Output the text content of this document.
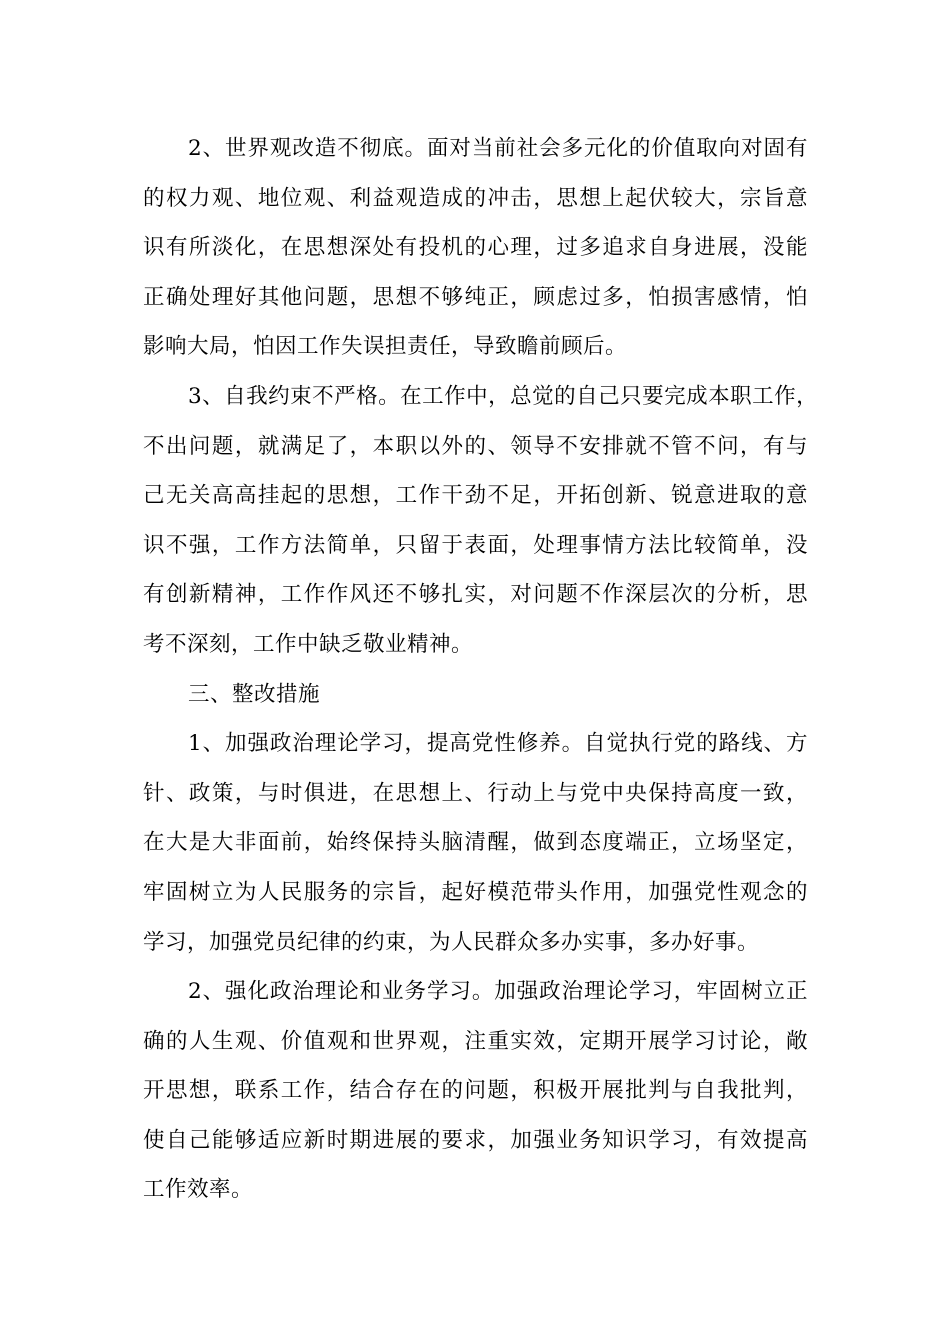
2、世界观改造不彻底。面对当前社会多元化的价值取向对固有
的权力观、地位观、利益观造成的冲击，思想上起伏较大，宗旨意
识有所淡化，在思想深处有投机的心理，过多追求自身进展，没能
正确处理好其他问题，思想不够纯正，顾虑过多，怕损害感情，怕
影响大局，怕因工作失误担责任，导致瞻前顾后。
3、自我约束不严格。在工作中，总觉的自己只要完成本职工作，
不出问题，就满足了，本职以外的、领导不安排就不管不问，有与
己无关高高挂起的思想，工作干劲不足，开拓创新、锐意进取的意
识不强，工作方法简单，只留于表面，处理事情方法比较简单，没
有创新精神，工作作风还不够扎实，对问题不作深层次的分析，思
考不深刻，工作中缺乏敬业精神。
三、整改措施
1、加强政治理论学习，提高党性修养。自觉执行党的路线、方
针、政策，与时俱进，在思想上、行动上与党中央保持高度一致，
在大是大非面前，始终保持头脑清醒，做到态度端正，立场坚定，
牢固树立为人民服务的宗旨，起好模范带头作用，加强党性观念的
学习，加强党员纪律的约束，为人民群众多办实事，多办好事。
2、强化政治理论和业务学习。加强政治理论学习，牢固树立正
确的人生观、价值观和世界观，注重实效，定期开展学习讨论，敞
开思想，联系工作，结合存在的问题，积极开展批判与自我批判，
使自己能够适应新时期进展的要求，加强业务知识学习，有效提高
工作效率。
